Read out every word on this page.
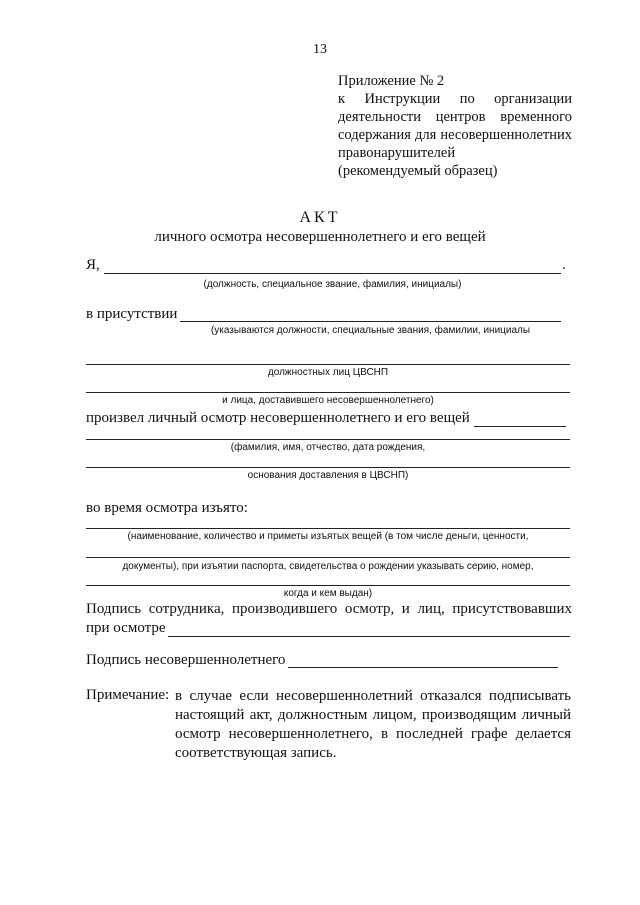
13
Приложение № 2
к Инструкции по организации
деятельности центров временного
содержания для несовершеннолетних
правонарушителей
(рекомендуемый образец)
АКТ
личного осмотра несовершеннолетнего и его вещей
Я,	.
(должность, специальное звание, фамилия, инициалы)
в присутствии
(указываются должности, специальные звания, фамилии, инициалы
должностных лиц ЦВСНП
и лица, доставившего несовершеннолетнего)
произвел личный осмотр несовершеннолетнего и его вещей
(фамилия, имя, отчество, дата рождения,
основания доставления в ЦВСНП)
во время осмотра изъято:
(наименование, количество и приметы изъятых вещей (в том числе деньги, ценности,
документы), при изъятии паспорта, свидетельства о рождении указывать серию, номер,
когда и кем выдан)
Подпись сотрудника, производившего осмотр, и лиц, присутствовавших
при осмотре
Подпись несовершеннолетнего
Примечание: в случае если несовершеннолетний отказался подписывать
настоящий акт, должностным лицом, производящим личный
осмотр несовершеннолетнего, в последней графе делается
соответствующая запись.
